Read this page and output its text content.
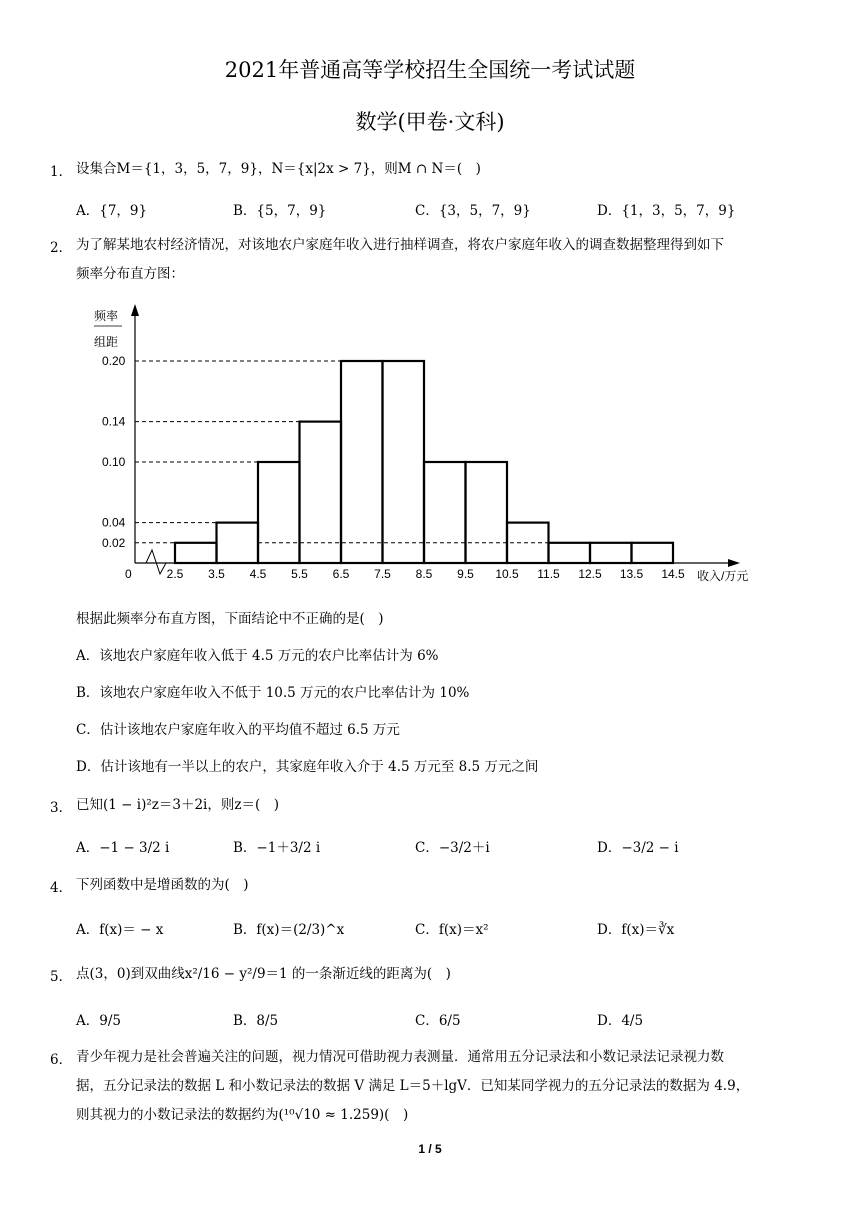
2021年普通高等学校招生全国统一考试试题
数学(甲卷·文科)
1． 设集合M＝{1，3，5，7，9}，N＝{x|2x > 7}，则M ∩ N＝(　)
A．{7，9}	B．{5，7，9}	C．{3，5，7，9}	D．{1，3，5，7，9}
2． 为了解某地农村经济情况，对该地农户家庭年收入进行抽样调查，将农户家庭年收入的调查数据整理得到如下
频率分布直方图：
频率
组距
0
0.02
0.04
0.10
0.14
0.20
2.5 3.5 4.5 5.5 6.5 7.5 8.5 9.5 10.5 11.5 12.5 13.5 14.5 收入/万元
根据此频率分布直方图，下面结论中不正确的是(　)
A．该地农户家庭年收入低于 4.5 万元的农户比率估计为 6%
B．该地农户家庭年收入不低于 10.5 万元的农户比率估计为 10%
C．估计该地农户家庭年收入的平均值不超过 6.5 万元
D．估计该地有一半以上的农户，其家庭年收入介于 4.5 万元至 8.5 万元之间
3． 已知(1 − i)²z＝3＋2i，则z＝(　)
A．−1 − 3/2 i	B．−1＋3/2 i	C．−3/2＋i	D．−3/2 − i
4． 下列函数中是增函数的为(　)
A．f(x)＝ − x	B．f(x)＝(2/3)^x	C．f(x)＝x²	D．f(x)＝∛x
5． 点(3，0)到双曲线x²/16 − y²/9＝1 的一条渐近线的距离为(　)
A．9/5	B．8/5	C．6/5	D．4/5
6． 青少年视力是社会普遍关注的问题，视力情况可借助视力表测量．通常用五分记录法和小数记录法记录视力数
据，五分记录法的数据 L 和小数记录法的数据 V 满足 L＝5＋lgV．已知某同学视力的五分记录法的数据为 4.9，
则其视力的小数记录法的数据约为(¹⁰√10 ≈ 1.259)(　)
1 / 5
